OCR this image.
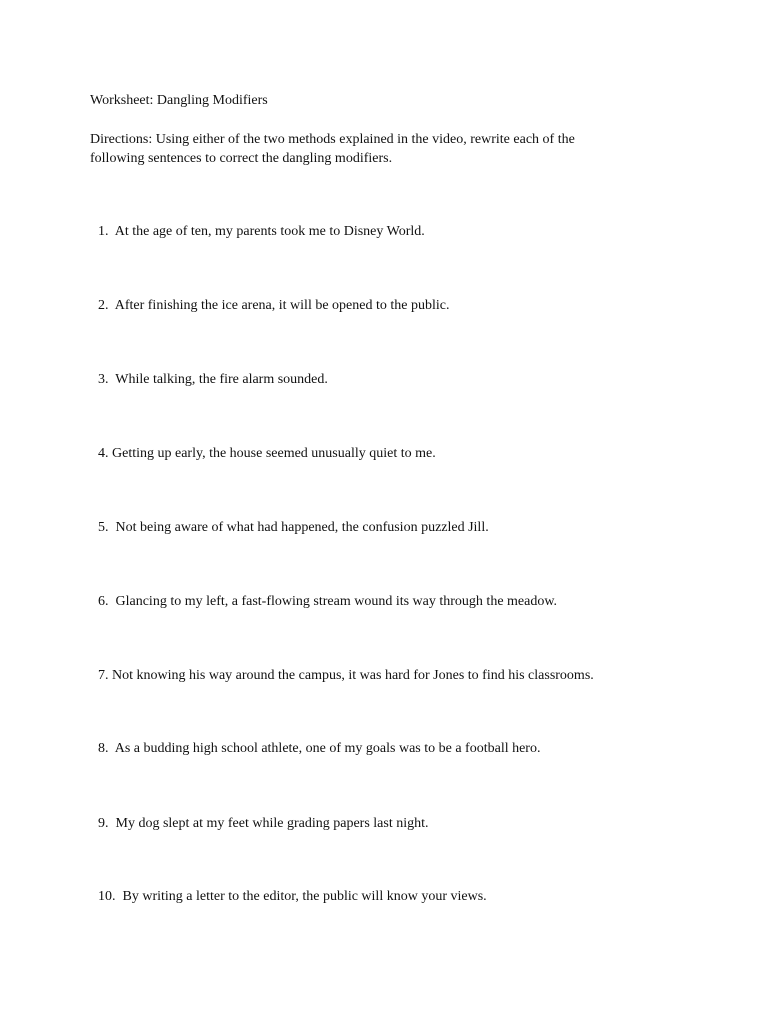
Worksheet: Dangling Modifiers
Directions: Using either of the two methods explained in the video, rewrite each of the
following sentences to correct the dangling modifiers.
1.  At the age of ten, my parents took me to Disney World.
2.  After finishing the ice arena, it will be opened to the public.
3.  While talking, the fire alarm sounded.
4. Getting up early, the house seemed unusually quiet to me.
5.  Not being aware of what had happened, the confusion puzzled Jill.
6.  Glancing to my left, a fast-flowing stream wound its way through the meadow.
7. Not knowing his way around the campus, it was hard for Jones to find his classrooms.
8.  As a budding high school athlete, one of my goals was to be a football hero.
9.  My dog slept at my feet while grading papers last night.
10.  By writing a letter to the editor, the public will know your views.
